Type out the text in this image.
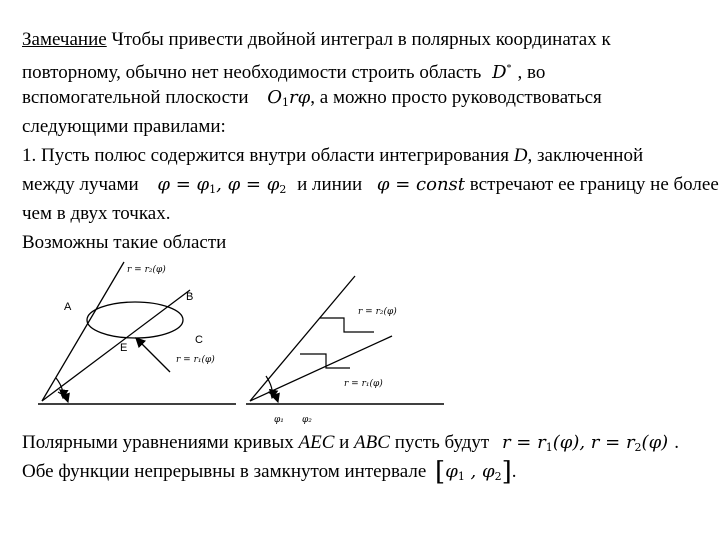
Замечание Чтобы привести двойной интеграл в полярных координатах к
повторному, обычно нет необходимости строить область D* , во
вспомогательной плоскости $O_1r\varphi$, а можно просто руководствоваться
следующими правилами:
1. Пусть полюс содержится внутри области интегрирования D, заключенной
между лучами $\varphi = \varphi_1$, $\varphi = \varphi_2$ и линии φ = const встречают ее границу не более
чем в двух точках.
Возможны такие области
r = r₂(φ)
r = r₁(φ)
A
B
C
E
r = r₂(φ)
r = r₁(φ)
φ₁ φ₂
Полярными уравнениями кривых AEC и ABC пусть будут $r = r_1(\varphi)$, $r = r_2(\varphi)$ .
Обе функции непрерывны в замкнутом интервале [$\varphi_1$ , $\varphi_2$].
